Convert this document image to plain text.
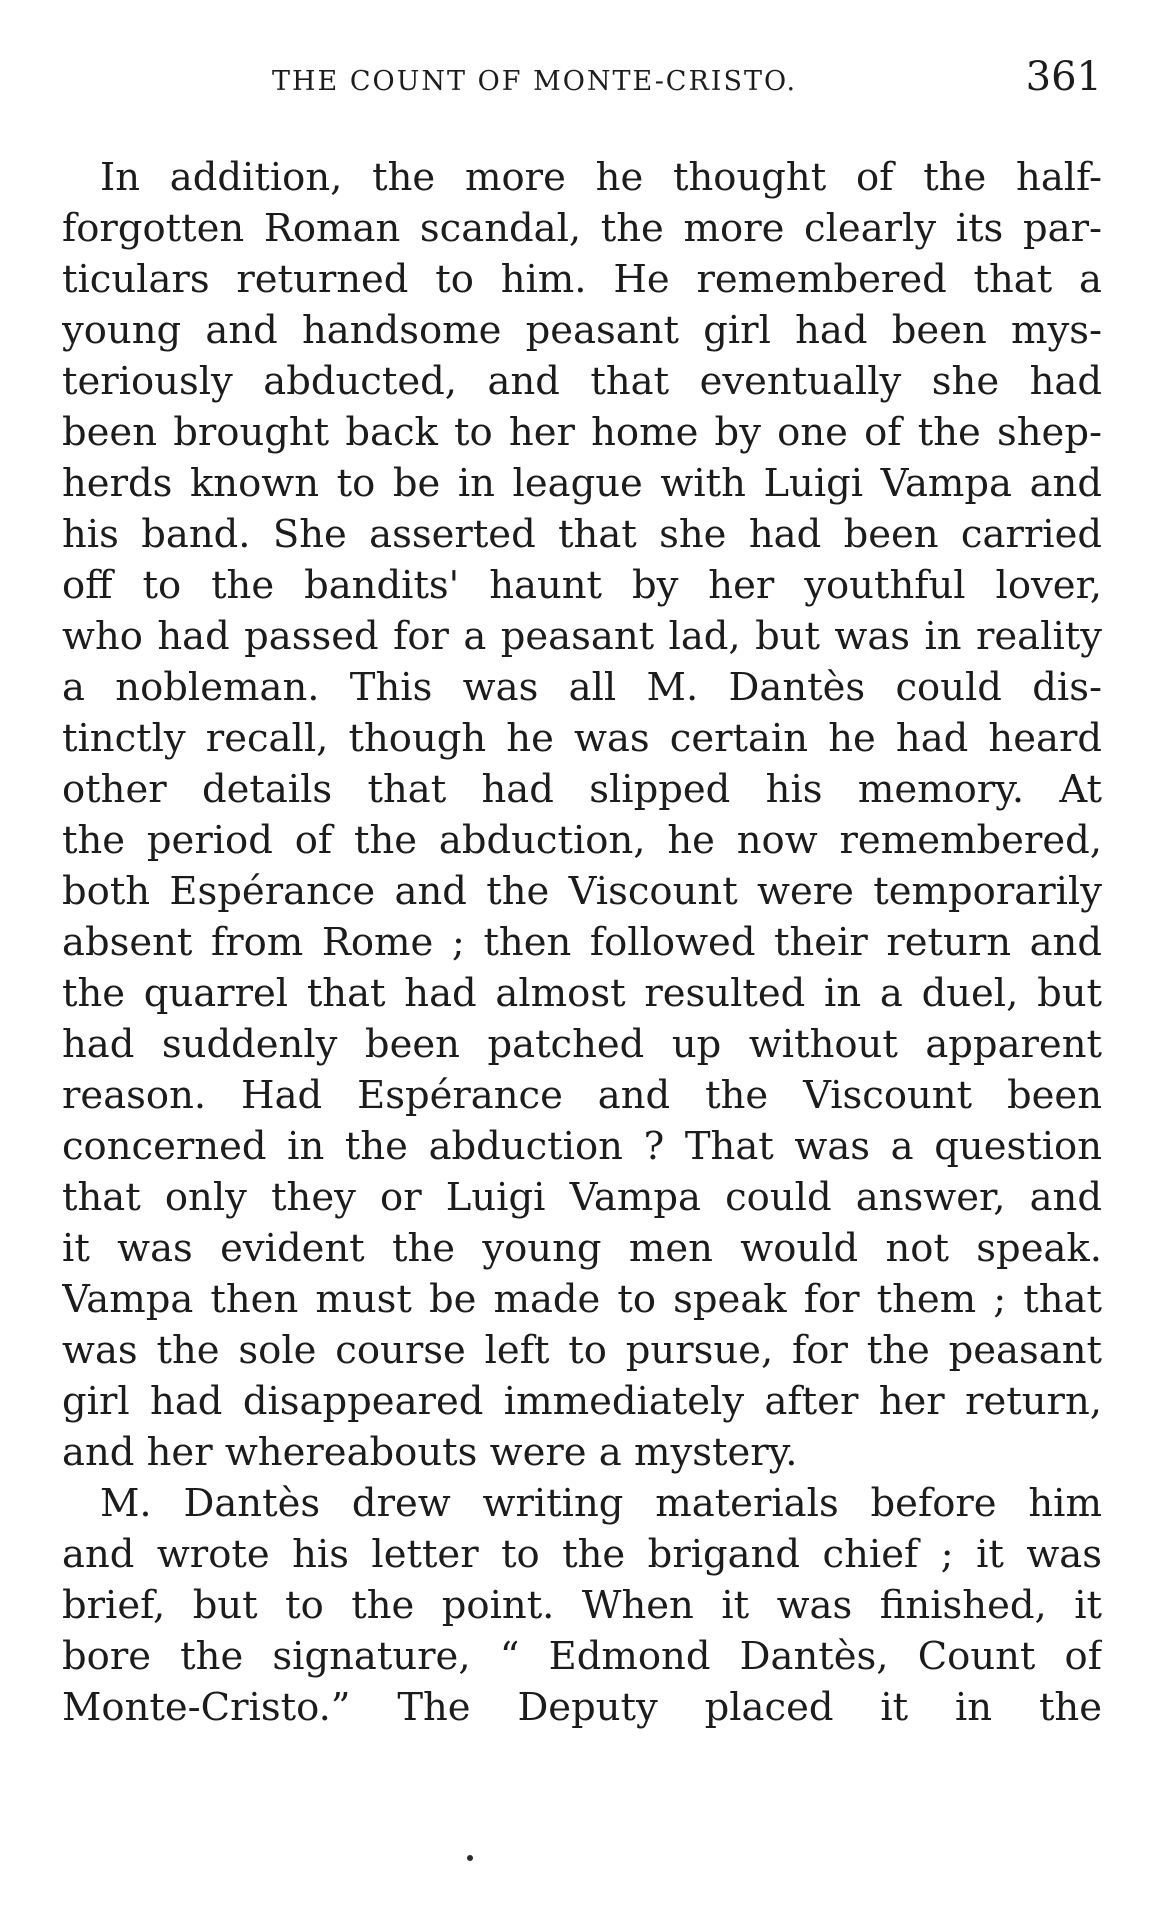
THE COUNT OF MONTE-CRISTO.	361
In addition, the more he thought of the half-
forgotten Roman scandal, the more clearly its par-
ticulars returned to him. He remembered that a
young and handsome peasant girl had been mys-
teriously abducted, and that eventually she had
been brought back to her home by one of the shep-
herds known to be in league with Luigi Vampa and
his band. She asserted that she had been carried
off to the bandits' haunt by her youthful lover,
who had passed for a peasant lad, but was in reality
a nobleman. This was all M. Dantès could dis-
tinctly recall, though he was certain he had heard
other details that had slipped his memory. At
the period of the abduction, he now remembered,
both Espérance and the Viscount were temporarily
absent from Rome ; then followed their return and
the quarrel that had almost resulted in a duel, but
had suddenly been patched up without apparent
reason. Had Espérance and the Viscount been
concerned in the abduction ? That was a question
that only they or Luigi Vampa could answer, and
it was evident the young men would not speak.
Vampa then must be made to speak for them ; that
was the sole course left to pursue, for the peasant
girl had disappeared immediately after her return,
and her whereabouts were a mystery.
M. Dantès drew writing materials before him
and wrote his letter to the brigand chief ; it was
brief, but to the point. When it was finished, it
bore the signature, “ Edmond Dantès, Count of
Monte-Cristo.” The Deputy placed it in the
